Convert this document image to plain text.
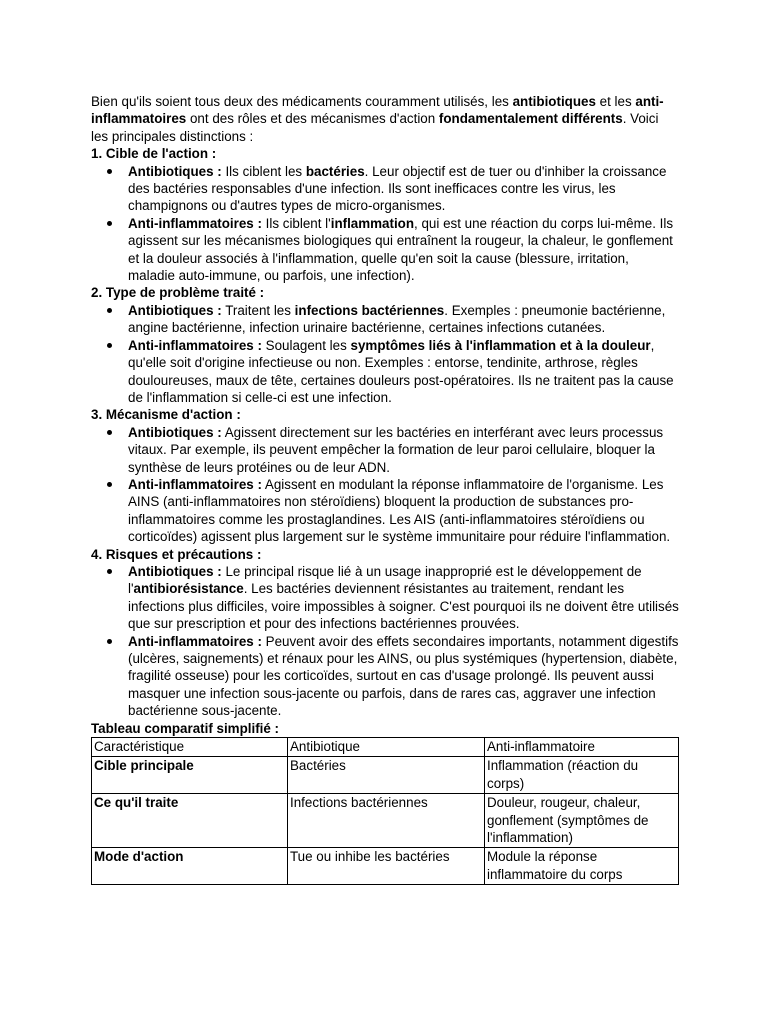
Bien qu'ils soient tous deux des médicaments couramment utilisés, les antibiotiques et les anti-inflammatoires ont des rôles et des mécanismes d'action fondamentalement différents. Voici les principales distinctions :

1. Cible de l'action :
Antibiotiques : Ils ciblent les bactéries. Leur objectif est de tuer ou d'inhiber la croissance des bactéries responsables d'une infection. Ils sont inefficaces contre les virus, les champignons ou d'autres types de micro-organismes.
Anti-inflammatoires : Ils ciblent l'inflammation, qui est une réaction du corps lui-même. Ils agissent sur les mécanismes biologiques qui entraînent la rougeur, la chaleur, le gonflement et la douleur associés à l'inflammation, quelle qu'en soit la cause (blessure, irritation, maladie auto-immune, ou parfois, une infection).
2. Type de problème traité :
Antibiotiques : Traitent les infections bactériennes. Exemples : pneumonie bactérienne, angine bactérienne, infection urinaire bactérienne, certaines infections cutanées.
Anti-inflammatoires : Soulagent les symptômes liés à l'inflammation et à la douleur, qu'elle soit d'origine infectieuse ou non. Exemples : entorse, tendinite, arthrose, règles douloureuses, maux de tête, certaines douleurs post-opératoires. Ils ne traitent pas la cause de l'inflammation si celle-ci est une infection.
3. Mécanisme d'action :
Antibiotiques : Agissent directement sur les bactéries en interférant avec leurs processus vitaux. Par exemple, ils peuvent empêcher la formation de leur paroi cellulaire, bloquer la synthèse de leurs protéines ou de leur ADN.
Anti-inflammatoires : Agissent en modulant la réponse inflammatoire de l'organisme. Les AINS (anti-inflammatoires non stéroïdiens) bloquent la production de substances pro-inflammatoires comme les prostaglandines. Les AIS (anti-inflammatoires stéroïdiens ou corticoïdes) agissent plus largement sur le système immunitaire pour réduire l'inflammation.
4. Risques et précautions :
Antibiotiques : Le principal risque lié à un usage inapproprié est le développement de l'antibiorésistance. Les bactéries deviennent résistantes au traitement, rendant les infections plus difficiles, voire impossibles à soigner. C'est pourquoi ils ne doivent être utilisés que sur prescription et pour des infections bactériennes prouvées.
Anti-inflammatoires : Peuvent avoir des effets secondaires importants, notamment digestifs (ulcères, saignements) et rénaux pour les AINS, ou plus systémiques (hypertension, diabète, fragilité osseuse) pour les corticoïdes, surtout en cas d'usage prolongé. Ils peuvent aussi masquer une infection sous-jacente ou parfois, dans de rares cas, aggraver une infection bactérienne sous-jacente.
Tableau comparatif simplifié :
Caractéristique	Antibiotique	Anti-inflammatoire
Cible principale	Bactéries	Inflammation (réaction du corps)
Ce qu'il traite	Infections bactériennes	Douleur, rougeur, chaleur, gonflement (symptômes de l'inflammation)
Mode d'action	Tue ou inhibe les bactéries	Module la réponse inflammatoire du corps
